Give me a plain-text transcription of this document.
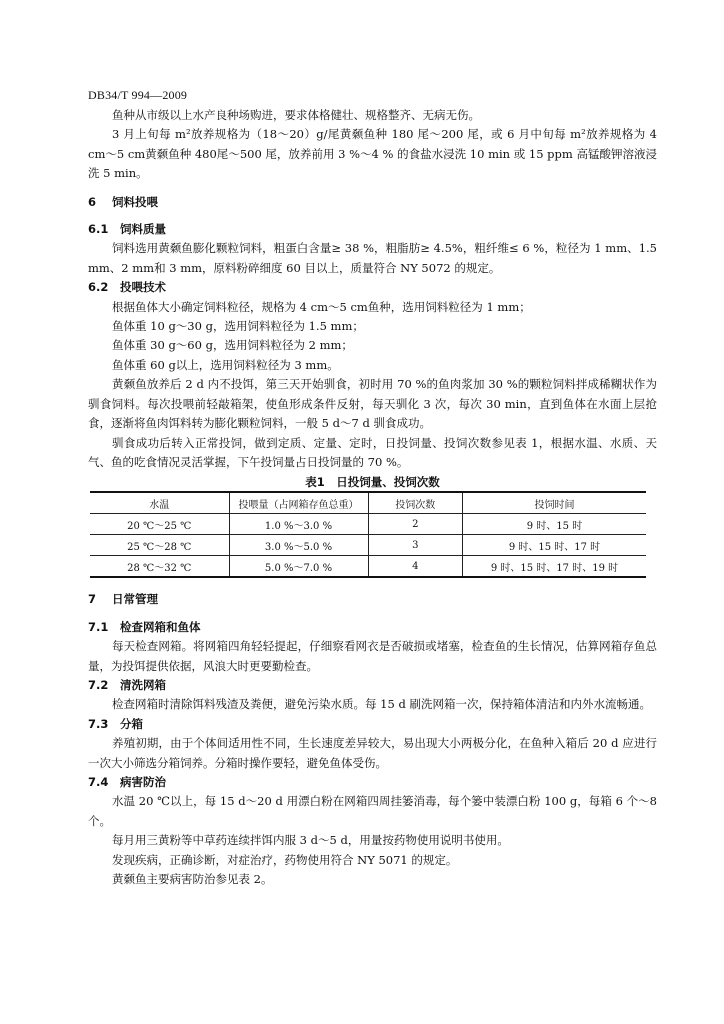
DB34/T 994—2009

鱼种从市级以上水产良种场购进，要求体格健壮、规格整齐、无病无伤。

3 月上旬每 m²放养规格为（18～20）g/尾黄颡鱼种 180 尾～200 尾，或 6 月中旬每 m²放养规格为 4 cm～5 cm黄颡鱼种 480尾～500 尾，放养前用 3 %～4 % 的食盐水浸洗 10 min 或 15 ppm 高锰酸钾溶液浸洗 5 min。

6 饲料投喂
6.1 饲料质量

饲料选用黄颡鱼膨化颗粒饲料，粗蛋白含量≥ 38 %，粗脂肪≥ 4.5%，粗纤维≤ 6 %，粒径为 1 mm、1.5 mm、2 mm和 3 mm，原料粉碎细度 60 目以上，质量符合 NY 5072 的规定。

6.2 投喂技术

根据鱼体大小确定饲料粒径，规格为 4 cm～5 cm鱼种，选用饲料粒径为 1 mm；

鱼体重 10 g～30 g，选用饲料粒径为 1.5 mm；

鱼体重 30 g～60 g，选用饲料粒径为 2 mm；

鱼体重 60 g以上，选用饲料粒径为 3 mm。

黄颡鱼放养后 2 d 内不投饵，第三天开始驯食，初时用 70 %的鱼肉浆加 30 %的颗粒饲料拌成稀糊状作为驯食饲料。每次投喂前轻敲箱架，使鱼形成条件反射，每天驯化 3 次，每次 30 min，直到鱼体在水面上层抢食，逐渐将鱼肉饵料转为膨化颗粒饲料，一般 5 d～7 d 驯食成功。

驯食成功后转入正常投饲，做到定质、定量、定时，日投饲量、投饲次数参见表 1，根据水温、水质、天气、鱼的吃食情况灵活掌握，下午投饲量占日投饲量的 70 %。

表1　日投饲量、投饲次数
水温	投喂量（占网箱存鱼总重）	投饲次数	投饲时间
20 ℃～25 ℃	1.0 %～3.0 %	2	9 时、15 时
25 ℃～28 ℃	3.0 %～5.0 %	3	9 时、15 时、17 时
28 ℃～32 ℃	5.0 %～7.0 %	4	9 时、15 时、17 时、19 时
7 日常管理
7.1 检查网箱和鱼体

每天检查网箱。将网箱四角轻轻提起，仔细察看网衣是否破损或堵塞，检查鱼的生长情况，估算网箱存鱼总量，为投饵提供依据，风浪大时更要勤检查。

7.2 清洗网箱

检查网箱时清除饵料残渣及粪便，避免污染水质。每 15 d 刷洗网箱一次，保持箱体清洁和内外水流畅通。

7.3 分箱

养殖初期，由于个体间适用性不同，生长速度差异较大，易出现大小两极分化，在鱼种入箱后 20 d 应进行一次大小筛选分箱饲养。分箱时操作要轻，避免鱼体受伤。

7.4 病害防治

水温 20 ℃以上，每 15 d～20 d 用漂白粉在网箱四周挂篓消毒，每个篓中装漂白粉 100 g，每箱 6 个～8 个。

每月用三黄粉等中草药连续拌饵内服 3 d～5 d，用量按药物使用说明书使用。

发现疾病，正确诊断，对症治疗，药物使用符合 NY 5071 的规定。

黄颡鱼主要病害防治参见表 2。
